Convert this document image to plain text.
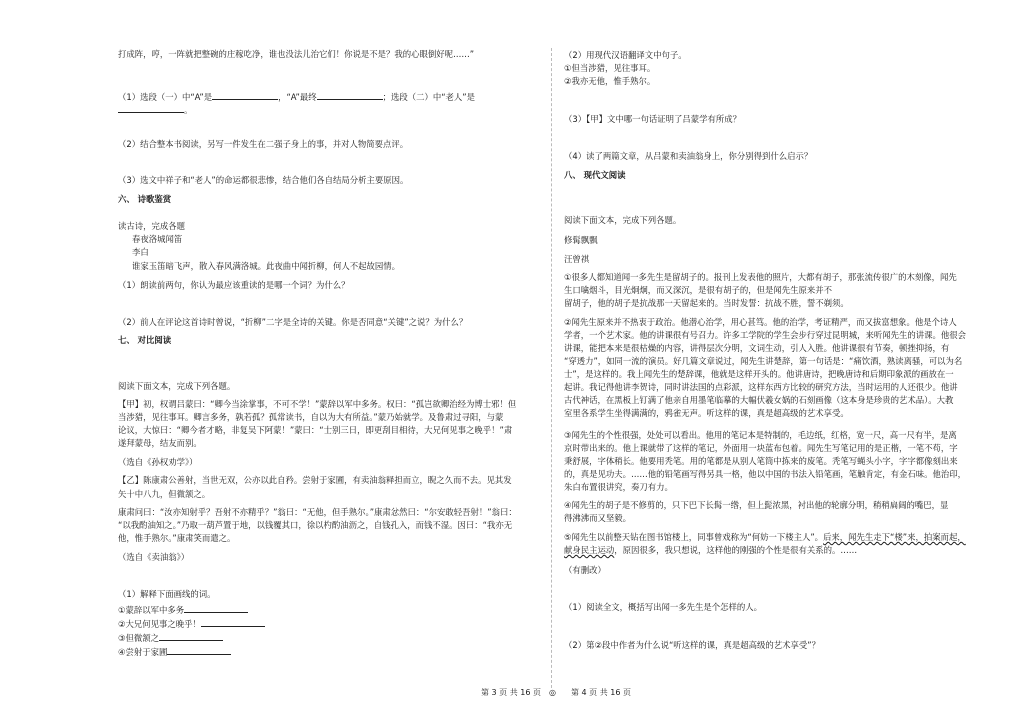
打成阵，哼，一阵就把整碗的庄稼吃净，谁也没法儿治它们！你说是不是？我的心眼倒好呢……”
（1）选段（一）中“A”是	，“A”最终	；选段（二）中“老人”是
。
（2）结合整本书阅读，另写一件发生在二强子身上的事，并对人物简要点评。
（3）选文中祥子和“老人”的命运都很悲惨，结合他们各自结局分析主要原因。
六、 诗歌鉴赏
读古诗，完成各题
春夜洛城闻笛
李白
谁家玉笛暗飞声，散入春风满洛城。此夜曲中闻折柳，何人不起故园情。
（1）朗读前两句，你认为最应该重读的是哪一个词？为什么？
（2）前人在评论这首诗时曾说，“折柳”二字是全诗的关键。你是否同意“关键”之说？为什么？
七、 对比阅读
阅读下面文本，完成下列各题。
【甲】初，权谓吕蒙曰：“卿今当涂掌事，不可不学！”蒙辞以军中多务。权曰：“孤岂欲卿治经为博士邪！但
当涉猎，见往事耳。卿言多务，孰若孤？孤常读书，自以为大有所益。”蒙乃始就学。及鲁肃过寻阳，与蒙
论议，大惊曰：“卿今者才略，非复吴下阿蒙！”蒙曰：“士别三日，即更刮目相待，大兄何见事之晚乎！”肃
遂拜蒙母，结友而别。
（选自《孙权劝学》）
【乙】陈康肃公善射，当世无双，公亦以此自矜。尝射于家圃，有卖油翁释担而立，睨之久而不去。见其发
矢十中八九，但微颔之。
康肃问曰：“汝亦知射乎？吾射不亦精乎？”翁曰：“无他，但手熟尔。”康肃忿然曰：“尔安敢轻吾射！”翁曰：
“以我酌油知之。”乃取一葫芦置于地，以钱覆其口，徐以杓酌油沥之，自钱孔入，而钱不湿。因曰：“我亦无
他，惟手熟尔。”康肃笑而遣之。
（选自《卖油翁》）
（1）解释下面画线的词。
①蒙辞以军中多务
②大兄何见事之晚乎！
③但微颔之
④尝射于家圃
（2）用现代汉语翻译文中句子。
①但当涉猎，见往事耳。
②我亦无他，惟手熟尔。
（3）【甲】文中哪一句话证明了吕蒙学有所成？
（4）读了两篇文章，从吕蒙和卖油翁身上，你分别得到什么启示？
八、 现代文阅读
阅读下面文本，完成下列各题。
修髯飘飘
汪曾祺
①很多人都知道闻一多先生是留胡子的。报刊上发表他的照片，大都有胡子，那张流传很广的木刻像，闻先
生口噙烟斗，目光炯炯，而又深沉，是很有胡子的，但是闻先生原来并不
留胡子，他的胡子是抗战那一天留起来的。当时发誓：抗战不胜，誓不剃须。
②闻先生原来并不热衷于政治。他潜心治学，用心甚笃。他的治学，考证精严，而又拔富想象。他是个诗人
学者，一个艺术家。他的讲课很有号召力。许多工学院的学生会步行穿过昆明城，来听闻先生的讲课。他很会
讲课，能把本来是很枯燥的内容，讲得层次分明，文词生动，引人入胜。他讲课很有节奏，顿挫抑扬，有
“穿透力”，如同一流的演员。好几篇文章说过，闻先生讲楚辞，第一句话是：“痛饮酒，熟读离骚，可以为名
士”，是这样的。我上闻先生的楚辞课，他就是这样开头的。他讲唐诗，把晚唐诗和后期印象派的画放在一
起讲。我记得他讲李贺诗，同时讲法国的点彩派，这样东西方比较的研究方法，当时运用的人还很少。他讲
古代神话，在黑板上钉满了他亲自用墨笔临摹的大幅伏羲女娲的石刻画像（这本身是珍贵的艺术品）。大教
室里各系学生坐得满满的，鸦雀无声。听这样的课，真是超高级的艺术享受。
③闻先生的个性很强，处处可以看出。他用的笔记本是特制的，毛边纸，红格，宽一尺，高一尺有半，是离
京时带出来的。他上课就带了这样的笔记，外面用一块蓝布包着。闻先生写笔记用的是正楷，一笔不苟，字
秉舒展，字体稍长。他要用秃笔。用的笔都是从别人笔筒中拣来的废笔。秃笔写蝇头小字，字字都像刻出来
的，真是见功夫。……他的铅笔画写得另具一格，他以中国的书法入铅笔画，笔触肯定，有金石味。他治印，
朱白布置很讲究，奏刀有力。
④闻先生的胡子是不修剪的，只下巴下长髯一绺，但上髭浓黑，衬出他的轮廓分明，稍稍扁阔的嘴巴，显
得沸沸而又坚毅。
⑤闻先生以前整天钻在图书馆楼上，同事曾戏称为“何妨一下楼主人”。后来，闻先生走下“楼”来，拍案而起，
献身民主运动，原因很多，我只想说，这样他的刚强的个性是很有关系的。……
（有删改）
（1）阅读全文，概括写出闻一多先生是个怎样的人。
（2）第②段中作者为什么说“听这样的课，真是超高级的艺术享受”？
第 3 页 共 16 页 ◎ 第 4 页 共 16 页
